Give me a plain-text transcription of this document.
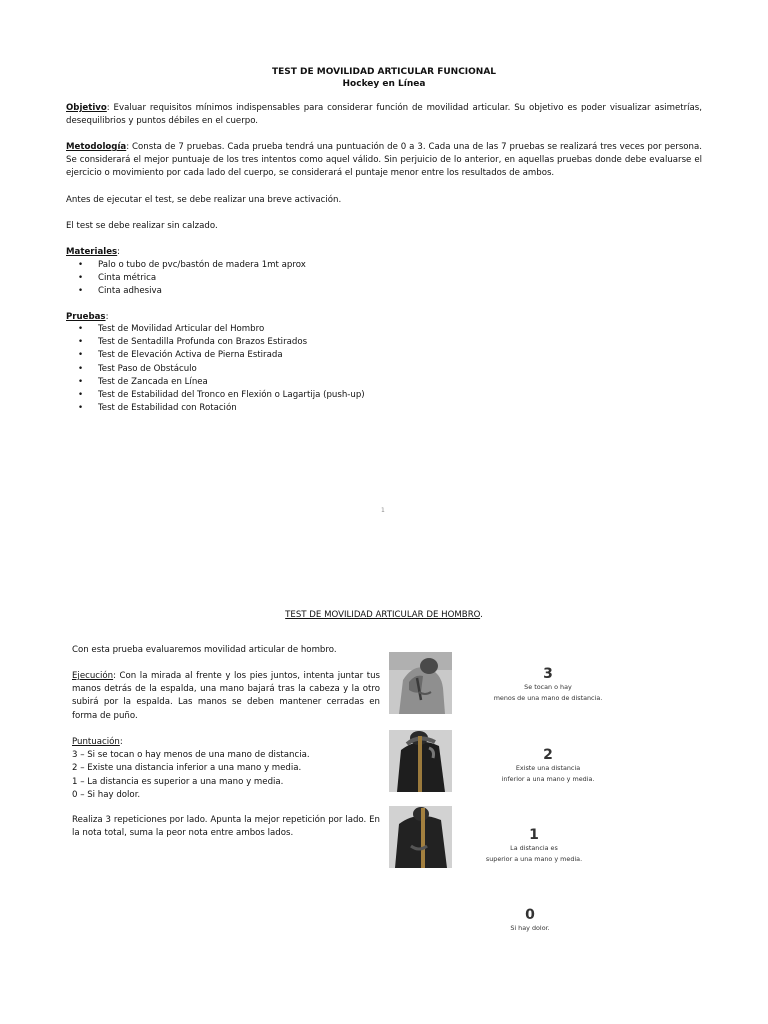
TEST DE MOVILIDAD ARTICULAR FUNCIONAL
Hockey en Línea
Objetivo: Evaluar requisitos mínimos indispensables para considerar función de movilidad articular. Su objetivo es poder visualizar asimetrías, desequilibrios y puntos débiles en el cuerpo.
Metodología: Consta de 7 pruebas. Cada prueba tendrá una puntuación de 0 a 3. Cada una de las 7 pruebas se realizará tres veces por persona. Se considerará el mejor puntuaje de los tres intentos como aquel válido. Sin perjuicio de lo anterior, en aquellas pruebas donde debe evaluarse el ejercicio o movimiento por cada lado del cuerpo, se considerará el puntaje menor entre los resultados de ambos.
Antes de ejecutar el test, se debe realizar una breve activación.
El test se debe realizar sin calzado.
Materiales:
• Palo o tubo de pvc/bastón de madera 1mt aprox
• Cinta métrica
• Cinta adhesiva
Pruebas:
• Test de Movilidad Articular del Hombro
• Test de Sentadilla Profunda con Brazos Estirados
• Test de Elevación Activa de Pierna Estirada
• Test Paso de Obstáculo
• Test de Zancada en Línea
• Test de Estabilidad del Tronco en Flexión o Lagartija (push-up)
• Test de Estabilidad con Rotación
1
TEST DE MOVILIDAD ARTICULAR DE HOMBRO.
Con esta prueba evaluaremos movilidad articular de hombro.
Ejecución: Con la mirada al frente y los pies juntos, intenta juntar tus manos detrás de la espalda, una mano bajará tras la cabeza y la otro subirá por la espalda. Las manos se deben mantener cerradas en forma de puño.
Puntuación:
3 – Si se tocan o hay menos de una mano de distancia.
2 – Existe una distancia inferior a una mano y media.
1 – La distancia es superior a una mano y media.
0 – Si hay dolor.
Realiza 3 repeticiones por lado. Apunta la mejor repetición por lado. En la nota total, suma la peor nota entre ambos lados.
3
Se tocan o hay
menos de una mano de distancia.
2
Existe una distancia
inferior a una mano y media.
1
La distancia es
superior a una mano y media.
0
Si hay dolor.
